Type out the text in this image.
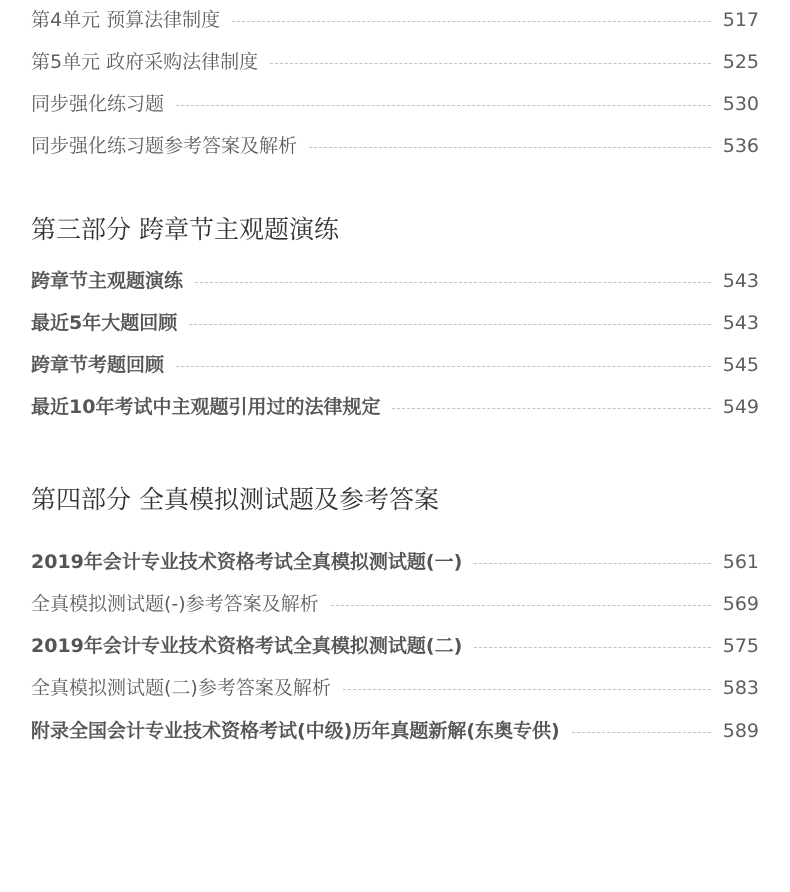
第4单元 预算法律制度	517
第5单元 政府采购法律制度	525
同步强化练习题	530
同步强化练习题参考答案及解析	536
第三部分 跨章节主观题演练
跨章节主观题演练	543
最近5年大题回顾	543
跨章节考题回顾	545
最近10年考试中主观题引用过的法律规定	549
第四部分 全真模拟测试题及参考答案
2019年会计专业技术资格考试全真模拟测试题(一)	561
全真模拟测试题(-)参考答案及解析	569
2019年会计专业技术资格考试全真模拟测试题(二)	575
全真模拟测试题(二)参考答案及解析	583
附录全国会计专业技术资格考试(中级)历年真题新解(东奥专供)	589
